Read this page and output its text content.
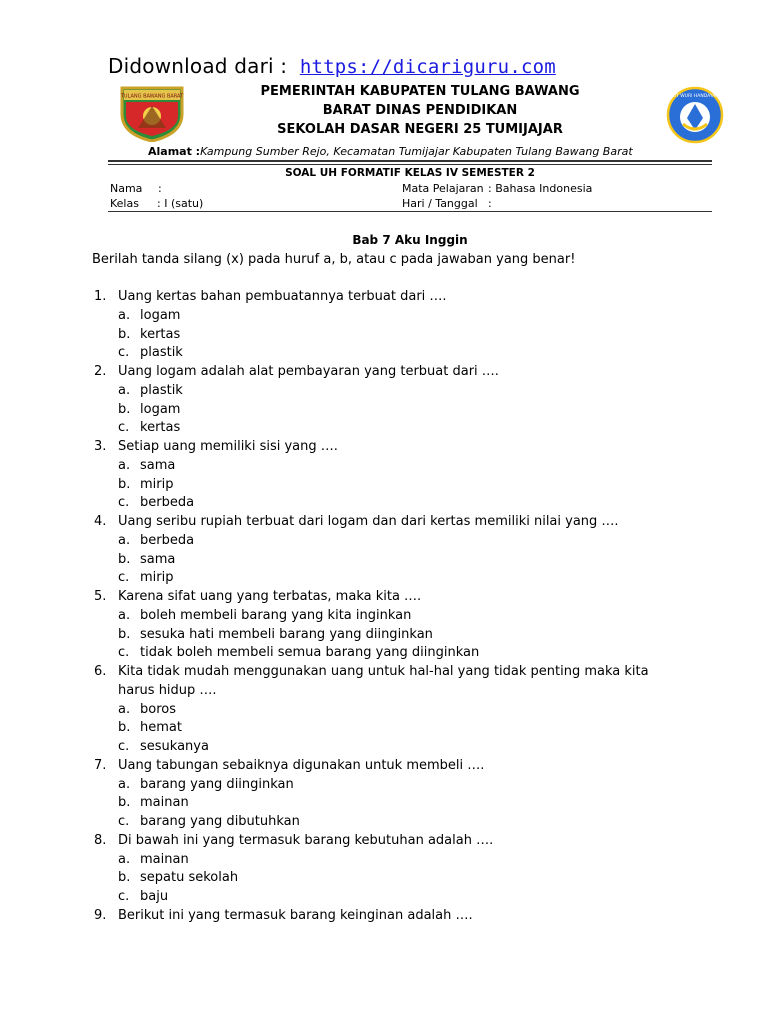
Didownload dari : https://dicariguru.com
TULANG BAWANG BARAT	PEMERINTAH KABUPATEN TULANG BAWANG
BARAT DINAS PENDIDIKAN
SEKOLAH DASAR NEGERI 25 TUMIJAJAR
TUT WURI HANDAYANI
Alamat :Kampung Sumber Rejo, Kecamatan Tumijajar Kabupaten Tulang Bawang Barat
SOAL UH FORMATIF KELAS IV SEMESTER 2
Nama :
Kelas : I (satu)
Mata Pelajaran : Bahasa Indonesia
Hari / Tanggal :
Bab 7 Aku Inggin
Berilah tanda silang (x) pada huruf a, b, atau c pada jawaban yang benar!
1. Uang kertas bahan pembuatannya terbuat dari ….
a. logam
b. kertas
c. plastik
2. Uang logam adalah alat pembayaran yang terbuat dari ….
a. plastik
b. logam
c. kertas
3. Setiap uang memiliki sisi yang ….
a. sama
b. mirip
c. berbeda
4. Uang seribu rupiah terbuat dari logam dan dari kertas memiliki nilai yang ….
a. berbeda
b. sama
c. mirip
5. Karena sifat uang yang terbatas, maka kita ….
a. boleh membeli barang yang kita inginkan
b. sesuka hati membeli barang yang diinginkan
c. tidak boleh membeli semua barang yang diinginkan
6. Kita tidak mudah menggunakan uang untuk hal-hal yang tidak penting maka kita
harus hidup ….
a. boros
b. hemat
c. sesukanya
7. Uang tabungan sebaiknya digunakan untuk membeli ….
a. barang yang diinginkan
b. mainan
c. barang yang dibutuhkan
8. Di bawah ini yang termasuk barang kebutuhan adalah ….
a. mainan
b. sepatu sekolah
c. baju
9. Berikut ini yang termasuk barang keinginan adalah ….
